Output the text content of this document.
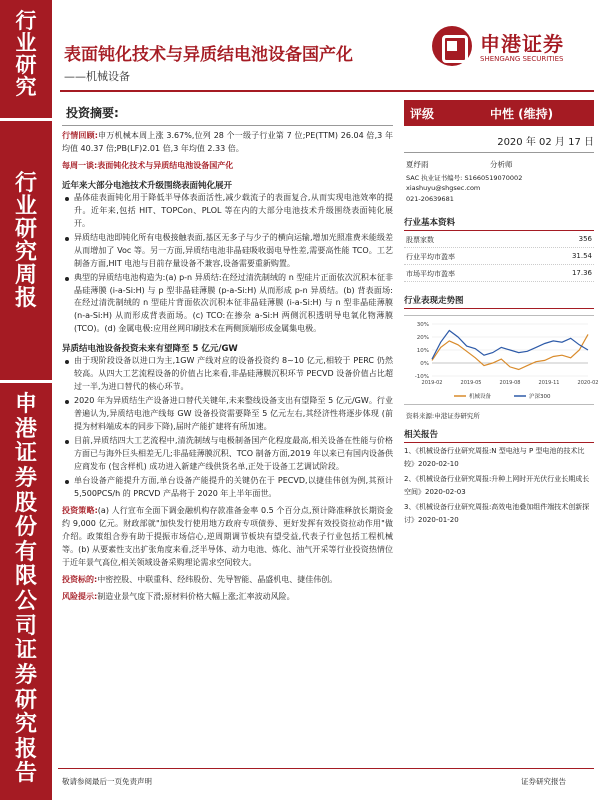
行业研究
行业研究周报
申港证券股份有限公司证券研究报告
表面钝化技术与异质结电池设备国产化
——机械设备
申港证券
SHENGANG SECURITIES
投资摘要:

行情回顾:申万机械本周上涨 3.67%,位列 28 个一级子行业第 7 位;PE(TTM) 26.04 倍,3 年均值 40.37 倍;PB(LF)2.01 倍,3 年均值 2.33 倍。

每周一谈:表面钝化技术与异质结电池设备国产化

近年来大部分电池技术升级围绕表面钝化展开
晶体硅表面钝化用于降低半导体表面活性,减少载流子的表面复合,从而实现电池效率的提升。近年来,包括 HIT、TOPCon、PLOL 等在内的大部分电池技术升级围绕表面钝化展开。
异质结电池即钝化所有电极接触表面,基区无多子与少子的横向运输,增加光照准费米能级差从而增加了 Voc 等。另一方面,异质结电池非晶硅吸收弱电导性差,需要高性能 TCO。工艺制备方面,HIT 电池与目前存量设备不兼容,设备需要重新购置。
典型的异质结电池构造为:(a) p-n 异质结:在经过清洗制绒的 n 型硅片正面依次沉积本征非晶硅薄膜 (i-a-Si:H) 与 p 型非晶硅薄膜 (p-a-Si:H) 从而形成 p-n 异质结。(b) 背表面场:在经过清洗制绒的 n 型硅片背面依次沉积本征非晶硅薄膜 (i-a-Si:H) 与 n 型非晶硅薄膜 (n-a-Si:H) 从而形成背表面场。(c) TCO:在掺杂 a-Si:H 两侧沉积透明导电氧化物薄膜 (TCO)。(d) 金属电极:应用丝网印刷技术在两侧顶端形成金属集电极。
异质结电池设备投资未来有望降至 5 亿元/GW
由于现阶段设备以进口为主,1GW 产线对应的设备投资约 8~10 亿元,相较于 PERC 仍然较高。从四大工艺流程设备的价值占比来看,非晶硅薄膜沉积环节 PECVD 设备价值占比超过一半,为进口替代的核心环节。
2020 年为异质结生产设备进口替代关键年,未来整线设备支出有望降至 5 亿元/GW。行业普遍认为,异质结电池产线每 GW 设备投资需要降至 5 亿元左右,其经济性将逐步体现 (前提为材料端成本的同步下降),届时产能扩建将有所加速。
目前,异质结四大工艺流程中,清洗制绒与电极制备国产化程度最高,相关设备在性能与价格方面已与海外巨头相差无几;非晶硅薄膜沉积、TCO 制备方面,2019 年以来已有国内设备供应商发布 (包含样机) 成功进入新建产线供货名单,正处于设备工艺调试阶段。
单台设备产能提升方面,单台设备产能提升的关键仍在于 PECVD,以捷佳伟创为例,其预计 5,500PCS/h 的 PRCVD 产品将于 2020 年上半年面世。

投资策略:(a) 人行宣布全面下调金融机构存款准备金率 0.5 个百分点,预计降准释放长期资金约 9,000 亿元。财政部就"加快发行使用地方政府专项债券、更好发挥有效投资拉动作用"做介绍。政策组合券有助于提振市场信心,逆周期调节板块有望受益,代表子行业包括工程机械等。(b) 从要素性支出扩张角度来看,泛半导体、动力电池、炼化、油气开采等行业投资热情位于近年景气高位,相关领域设备采购理论需求空间较大。

投资标的:中密控股、中联重科、经纬股份、先导智能、晶盛机电、捷佳伟创。

风险提示:制造业景气度下滑;原材料价格大幅上涨;汇率波动风险。

评级	中性 (维持)
2020 年 02 月 17 日
夏纾雨	分析师
SAC 执业证书编号: S1660519070002
xiashuyu@shgsec.com
021-20639681
行业基本资料
股票家数	356
行业平均市盈率	31.54
市场平均市盈率	17.36
行业表现走势图
30%
20%
10%
0%
-10%
2019-02	2019-05	2019-08	2019-11	2020-02
机械设备	沪深300
资料来源:申港证券研究所
相关报告
1、《机械设备行业研究周报:N 型电池与 P 型电池的技术比较》2020-02-10
2、《机械设备行业研究周报:升种上网时开光伏行业长期成长空间》2020-02-03
3、《机械设备行业研究周报:高效电池叠加组件端技术创新探讨》2020-01-20
敬请参阅最后一页免责声明	证券研究报告
